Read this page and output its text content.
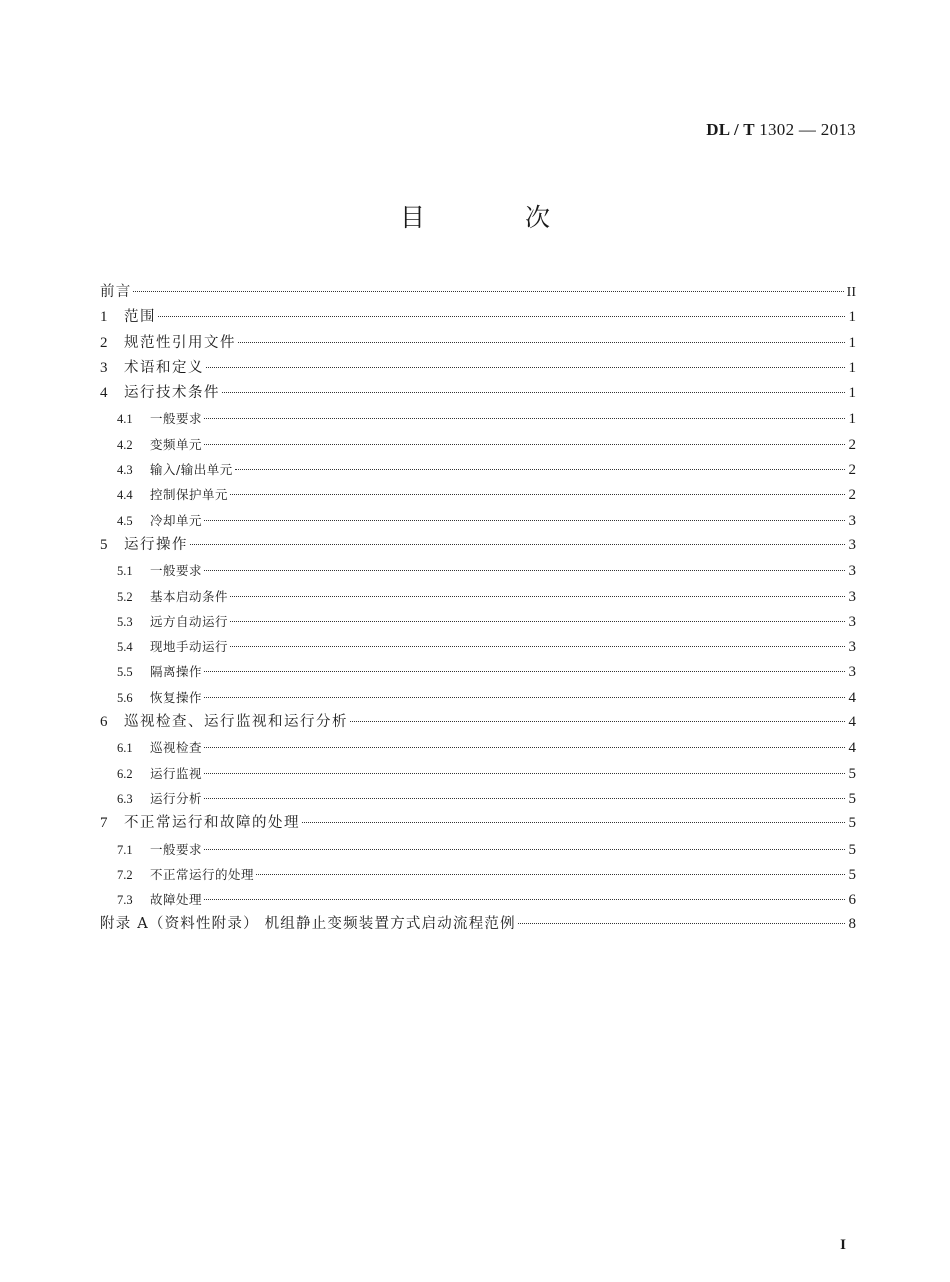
DL / T 1302 — 2013
目 次
前言	II
1	范围	1
2	规范性引用文件	1
3	术语和定义	1
4	运行技术条件	1
4.1	一般要求	1
4.2	变频单元	2
4.3	输入/输出单元	2
4.4	控制保护单元	2
4.5	冷却单元	3
5	运行操作	3
5.1	一般要求	3
5.2	基本启动条件	3
5.3	远方自动运行	3
5.4	现地手动运行	3
5.5	隔离操作	3
5.6	恢复操作	4
6	巡视检查、运行监视和运行分析	4
6.1	巡视检查	4
6.2	运行监视	5
6.3	运行分析	5
7	不正常运行和故障的处理	5
7.1	一般要求	5
7.2	不正常运行的处理	5
7.3	故障处理	6
附录 A（资料性附录） 机组静止变频装置方式启动流程范例	8
I
